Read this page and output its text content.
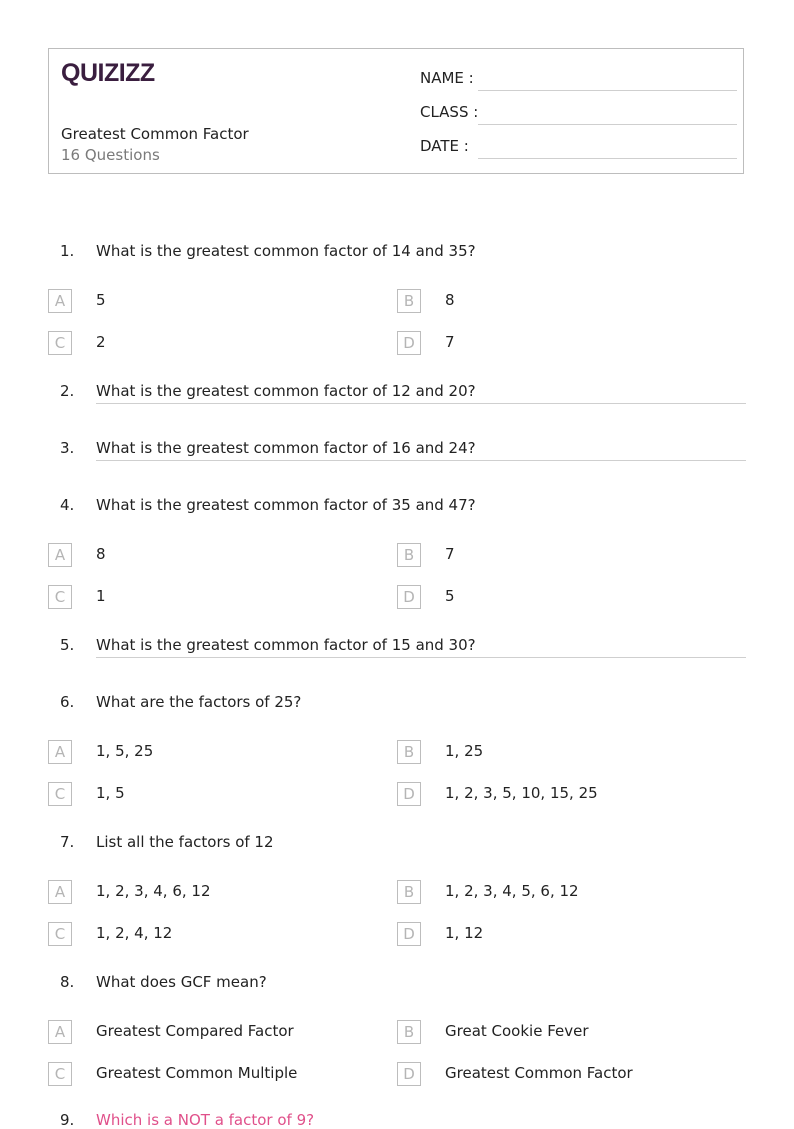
QUIZIZZ
Greatest Common Factor
16 Questions
NAME :
CLASS :
DATE :
1. What is the greatest common factor of 14 and 35?
A	5	B	8
C	2	D	7
2. What is the greatest common factor of 12 and 20?
3. What is the greatest common factor of 16 and 24?
4. What is the greatest common factor of 35 and 47?
A	8	B	7
C	1	D	5
5. What is the greatest common factor of 15 and 30?
6. What are the factors of 25?
A	1, 5, 25	B	1, 25
C	1, 5	D	1, 2, 3, 5, 10, 15, 25
7. List all the factors of 12
A	1, 2, 3, 4, 6, 12	B	1, 2, 3, 4, 5, 6, 12
C	1, 2, 4, 12	D	1, 12
8. What does GCF mean?
A	Greatest Compared Factor	B	Great Cookie Fever
C	Greatest Common Multiple	D	Greatest Common Factor
9. Which is a NOT a factor of 9?
